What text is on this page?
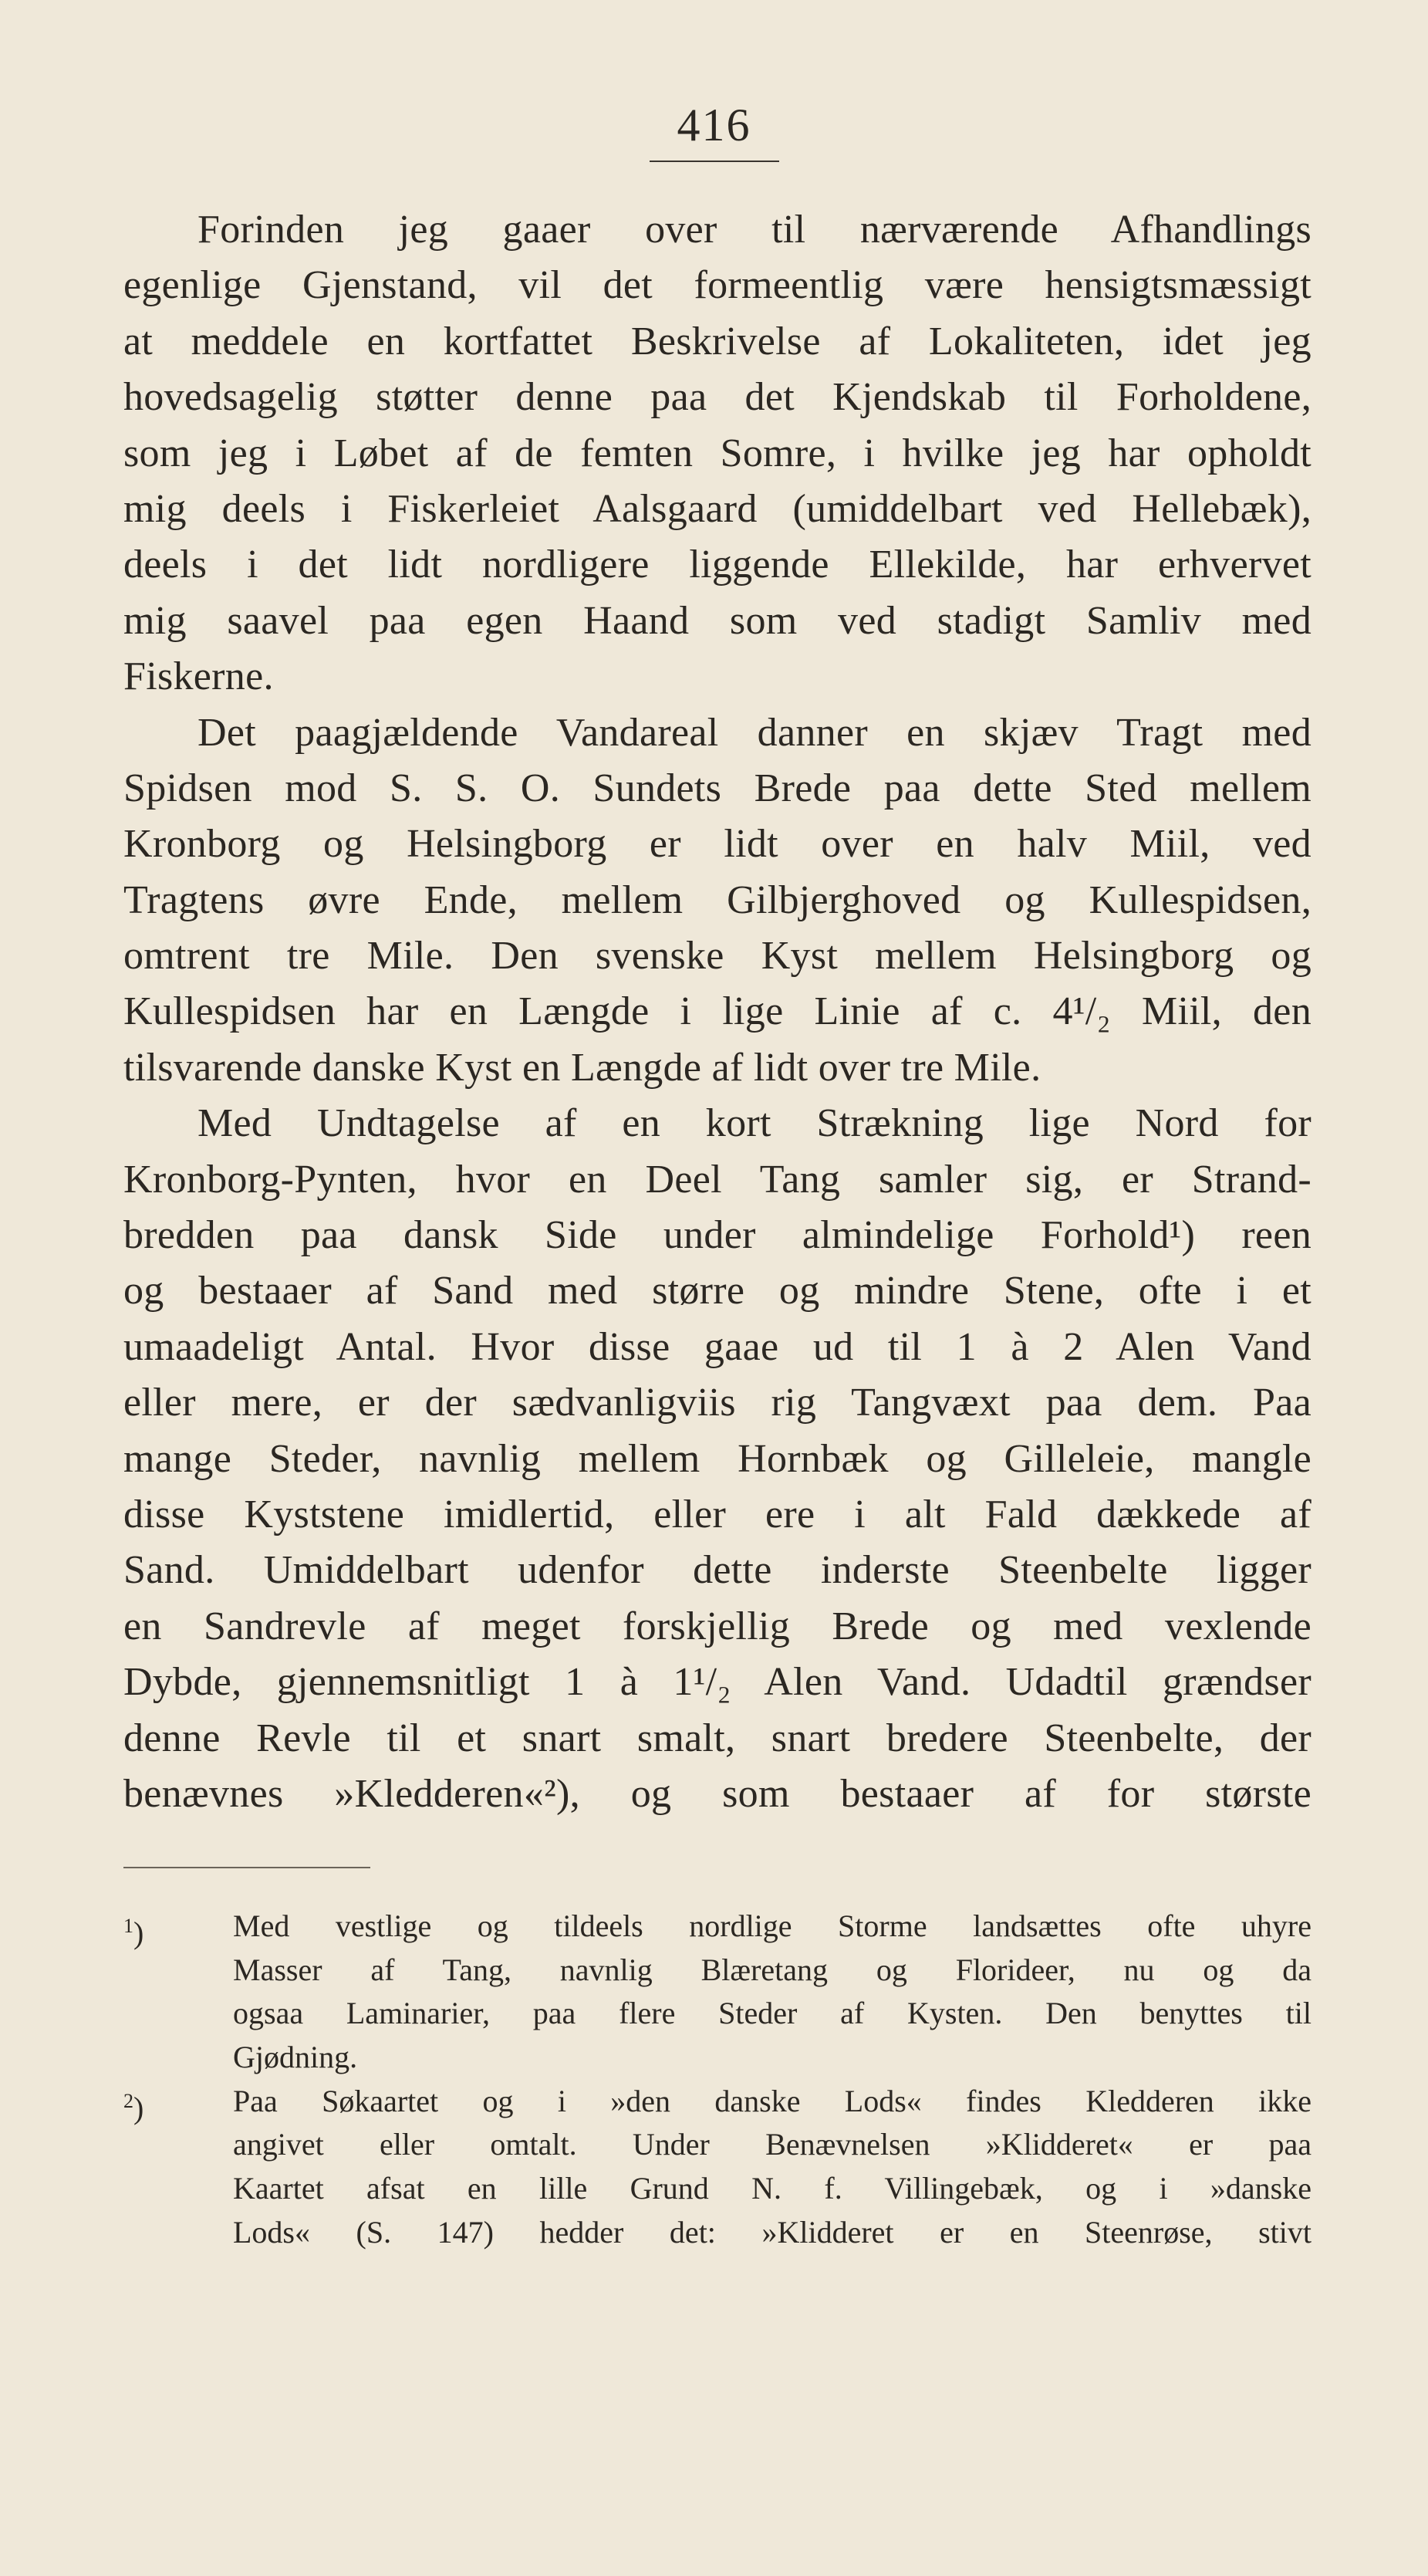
416
Forinden jeg gaaer over til nærværende Afhandlings
egenlige Gjenstand, vil det formeentlig være hensigtsmæssigt
at meddele en kortfattet Beskrivelse af Lokaliteten, idet jeg
hovedsagelig støtter denne paa det Kjendskab til Forholdene,
som jeg i Løbet af de femten Somre, i hvilke jeg har opholdt
mig deels i Fiskerleiet Aalsgaard (umiddelbart ved Hellebæk),
deels i det lidt nordligere liggende Ellekilde, har erhvervet
mig saavel paa egen Haand som ved stadigt Samliv med
Fiskerne.
Det paagjældende Vandareal danner en skjæv Tragt med
Spidsen mod S. S. O. Sundets Brede paa dette Sted mellem
Kronborg og Helsingborg er lidt over en halv Miil, ved
Tragtens øvre Ende, mellem Gilbjerghoved og Kullespidsen,
omtrent tre Mile. Den svenske Kyst mellem Helsingborg og
Kullespidsen har en Længde i lige Linie af c. 4¹/₂ Miil, den
tilsvarende danske Kyst en Længde af lidt over tre Mile.
Med Undtagelse af en kort Strækning lige Nord for
Kronborg-Pynten, hvor en Deel Tang samler sig, er Strand-
bredden paa dansk Side under almindelige Forhold¹) reen
og bestaaer af Sand med større og mindre Stene, ofte i et
umaadeligt Antal. Hvor disse gaae ud til 1 à 2 Alen Vand
eller mere, er der sædvanligviis rig Tangvæxt paa dem. Paa
mange Steder, navnlig mellem Hornbæk og Gilleleie, mangle
disse Kyststene imidlertid, eller ere i alt Fald dækkede af
Sand. Umiddelbart udenfor dette inderste Steenbelte ligger
en Sandrevle af meget forskjellig Brede og med vexlende
Dybde, gjennemsnitligt 1 à 1¹/₂ Alen Vand. Udadtil grændser
denne Revle til et snart smalt, snart bredere Steenbelte, der
benævnes »Kledderen«²), og som bestaaer af for største
$^1$)	Med vestlige og tildeels nordlige Storme landsættes ofte uhyre
Masser af Tang, navnlig Blæretang og Florideer, nu og da
ogsaa Laminarier, paa flere Steder af Kysten. Den benyttes til
Gjødning.
$^2$)	Paa Søkaartet og i »den danske Lods« findes Kledderen ikke
angivet eller omtalt. Under Benævnelsen »Klidderet« er paa
Kaartet afsat en lille Grund N. f. Villingebæk, og i »danske
Lods« (S. 147) hedder det: »Klidderet er en Steenrøse, stivt
